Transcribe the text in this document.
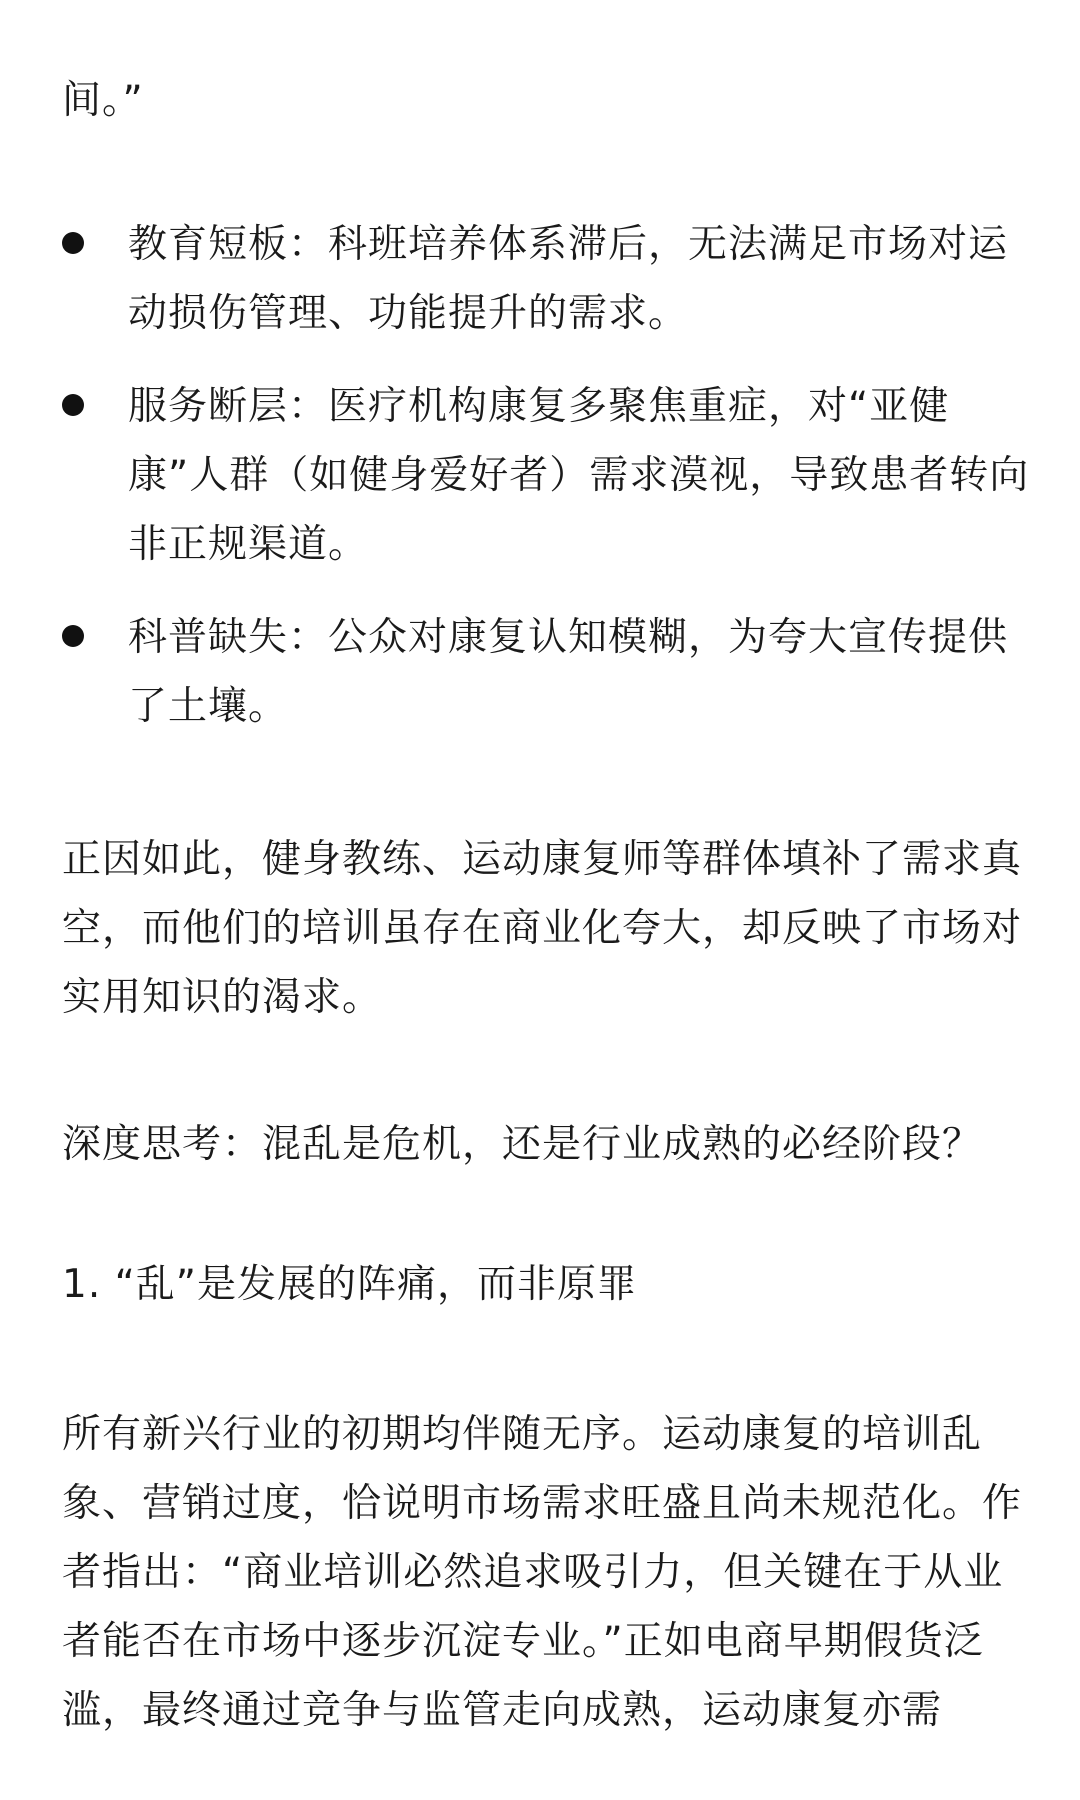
间。”

教育短板：科班培养体系滞后，无法满足市场对运动损伤管理、功能提升的需求。
服务断层：医疗机构康复多聚焦重症，对“亚健康”人群（如健身爱好者）需求漠视，导致患者转向非正规渠道。
科普缺失：公众对康复认知模糊，为夸大宣传提供了土壤。

正因如此，健身教练、运动康复师等群体填补了需求真空，而他们的培训虽存在商业化夸大，却反映了市场对实用知识的渴求。

深度思考：混乱是危机，还是行业成熟的必经阶段？

1. “乱”是发展的阵痛，而非原罪

所有新兴行业的初期均伴随无序。运动康复的培训乱象、营销过度，恰说明市场需求旺盛且尚未规范化。作者指出：“商业培训必然追求吸引力，但关键在于从业者能否在市场中逐步沉淀专业。”正如电商早期假货泛滥，最终通过竞争与监管走向成熟，运动康复亦需
